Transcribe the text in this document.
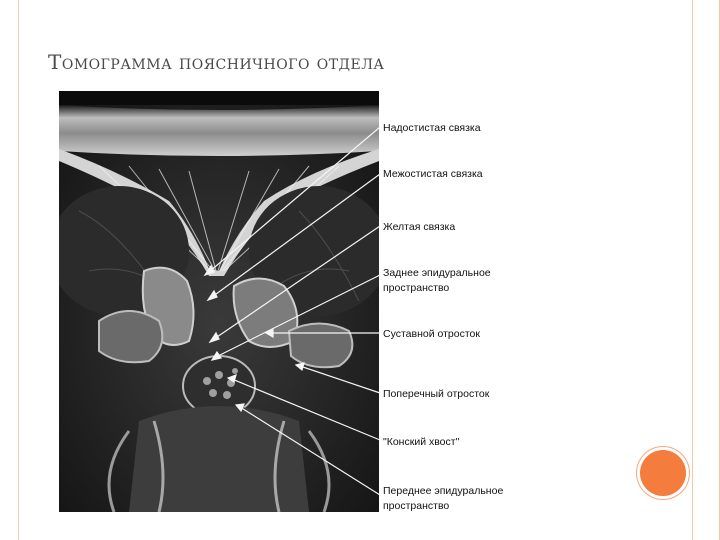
Томограмма поясничного отдела
Надостистая связка
Межостистая связка
Желтая связка
Заднее эпидуральное
пространство
Суставной отросток
Поперечный отросток
"Конский хвост"
Переднее эпидуральное
пространство
